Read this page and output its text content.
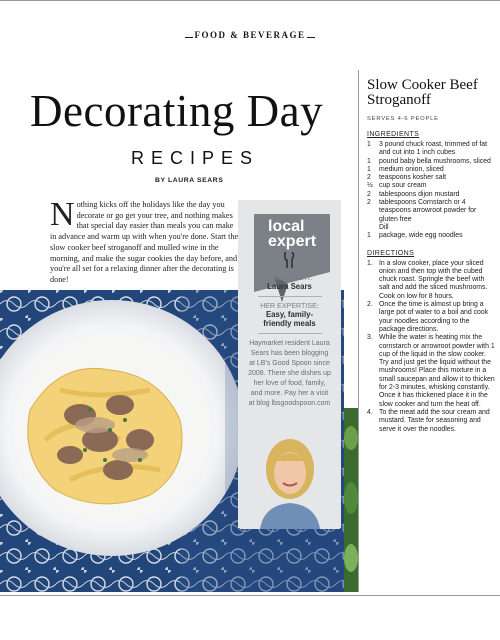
FOOD & BEVERAGE
Decorating Day
RECIPES
BY LAURA SEARS
Nothing kicks off the holidays like the day you decorate or go get your tree, and nothing makes that special day easier than meals you can make in advance and warm up with when you're done. Start the slow cooker beef stroganoff and mulled wine in the morning, and make the sugar cookies the day before, and you're all set for a relaxing dinner after the decorating is done!
local
expert
THE EXPERT:
Laura Sears
HER EXPERTISE:
Easy, family-friendly meals
Haymarket resident Laura Sears has been blogging at LB's Good Spoon since 2008. There she dishes up her love of food, family, and more. Pay her a visit at blog lbsgoodspoon.com
Slow Cooker Beef Stroganoff
SERVES 4-6 PEOPLE
INGREDIENTS
1	3 pound chuck roast, trimmed of fat and cut into 1 inch cubes
1	pound baby bella mushrooms, sliced
1	medium onion, sliced
2	teaspoons kosher salt
½ cup sour cream
2	tablespoons dijon mustard
2	tablespoons Cornstarch or 4 teaspoons arrowroot powder for gluten free
Dill
1	package, wide egg noodles
DIRECTIONS
1. In a slow cooker, place your sliced onion and then top with the cubed chuck roast. Springle the beef with salt and add the sliced mushrooms. Cook on low for 8 hours.
2. Once the time is almost up bring a large pot of water to a boil and cook your noodles according to the package directions.
3. While the water is heating mix the cornstarch or arrowroot powder with 1 cup of the liquid in the slow cooker. Try and just get the liquid without the mushrooms! Place this mixture in a small saucepan and allow it to thicken for 2-3 minutes, whisking constantly. Once it has thickened place it in the slow cooker and turn the heat off.
4. To the meat add the sour cream and mustard. Taste for seasoning and serve it over the noodles.
